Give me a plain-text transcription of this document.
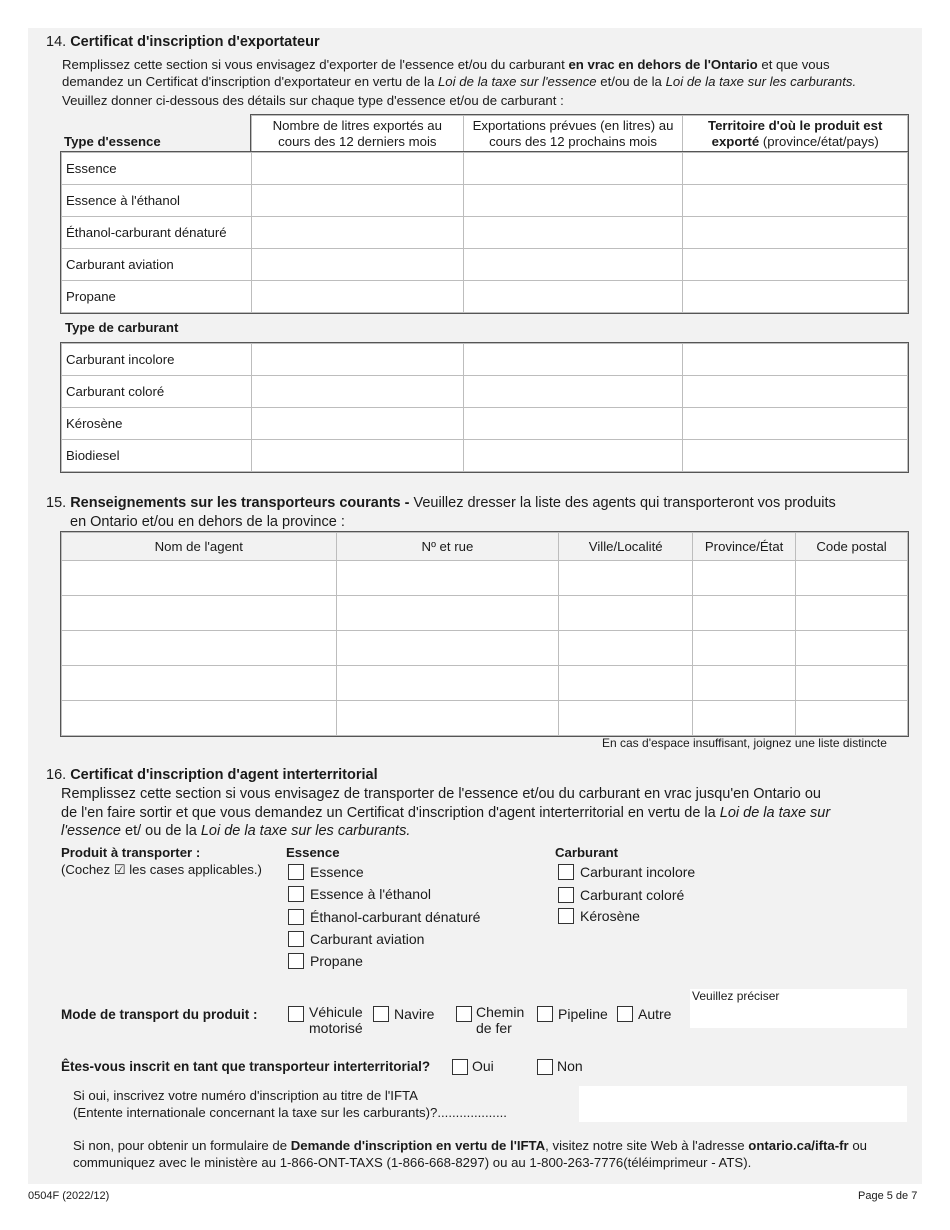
14. Certificat d'inscription d'exportateur
Remplissez cette section si vous envisagez d'exporter de l'essence et/ou du carburant en vrac en dehors de l'Ontario et que vous
demandez un Certificat d'inscription d'exportateur en vertu de la Loi de la taxe sur l'essence et/ou de la Loi de la taxe sur les carburants.
Veuillez donner ci-dessous des détails sur chaque type d'essence et/ou de carburant :
Type d'essence
Nombre de litres exportés au cours des 12 derniers mois	Exportations prévues (en litres) au cours des 12 prochains mois	Territoire d'où le produit est exporté (province/état/pays)
Essence			
Essence à l'éthanol			
Éthanol-carburant dénaturé			
Carburant aviation			
Propane			
Type de carburant
Carburant incolore			
Carburant coloré			
Kérosène			
Biodiesel			
15. Renseignements sur les transporteurs courants - Veuillez dresser la liste des agents qui transporteront vos produits
en Ontario et/ou en dehors de la province :
Nom de l'agent	Nº et rue	Ville/Localité	Province/État	Code postal

En cas d'espace insuffisant, joignez une liste distincte
16. Certificat d'inscription d'agent interterritorial
Remplissez cette section si vous envisagez de transporter de l'essence et/ou du carburant en vrac jusqu'en Ontario ou
de l'en faire sortir et que vous demandez un Certificat d'inscription d'agent interterritorial en vertu de la Loi de la taxe sur
l'essence et/ ou de la Loi de la taxe sur les carburants.
Produit à transporter :
(Cochez ☑ les cases applicables.)
Essence	Carburant
Essence
Essence à l'éthanol
Éthanol-carburant dénaturé
Carburant aviation
Propane
Carburant incolore
Carburant coloré
Kérosène
Mode de transport du produit :	Véhicule
motorisé
Navire	Chemin
de fer
Pipeline Autre
Veuillez préciser
Êtes-vous inscrit en tant que transporteur interterritorial?	Oui	Non
Si oui, inscrivez votre numéro d'inscription au titre de l'IFTA
(Entente internationale concernant la taxe sur les carburants)?...................
Si non, pour obtenir un formulaire de Demande d'inscription en vertu de l'IFTA, visitez notre site Web à l'adresse ontario.ca/ifta-fr ou
communiquez avec le ministère au 1-866-ONT-TAXS (1-866-668-8297) ou au 1-800-263-7776(téléimprimeur - ATS).
0504F (2022/12)	Page 5 de 7
